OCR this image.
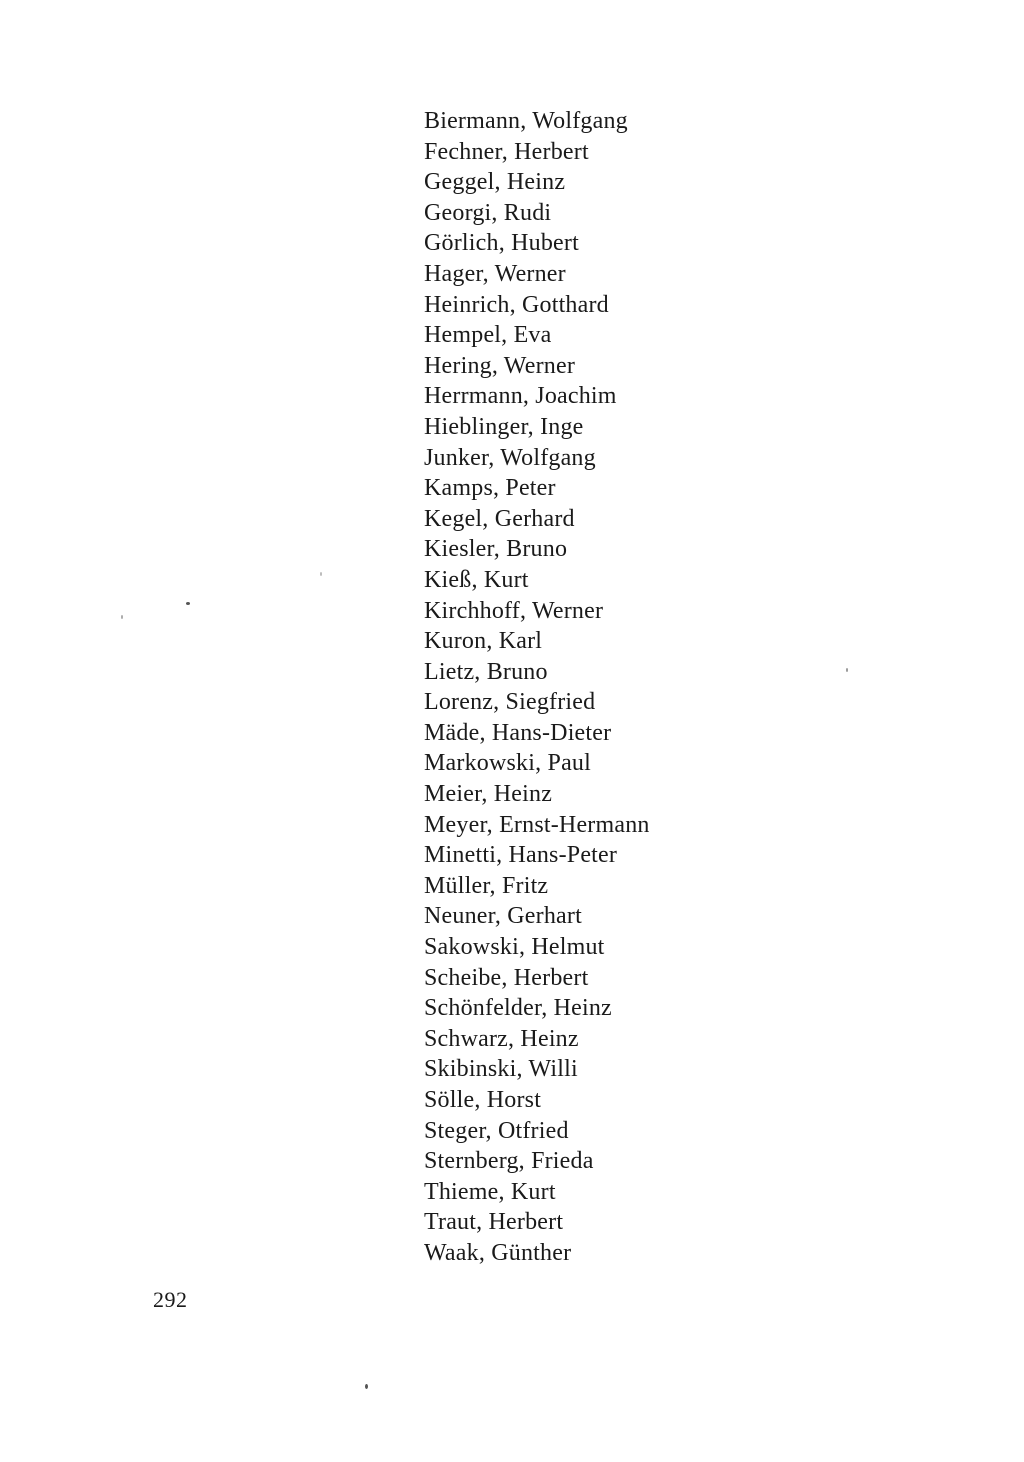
Biermann, Wolfgang
Fechner, Herbert
Geggel, Heinz
Georgi, Rudi
Görlich, Hubert
Hager, Werner
Heinrich, Gotthard
Hempel, Eva
Hering, Werner
Herrmann, Joachim
Hieblinger, Inge
Junker, Wolfgang
Kamps, Peter
Kegel, Gerhard
Kiesler, Bruno
Kieß, Kurt
Kirchhoff, Werner
Kuron, Karl
Lietz, Bruno
Lorenz, Siegfried
Mäde, Hans-Dieter
Markowski, Paul
Meier, Heinz
Meyer, Ernst-Hermann
Minetti, Hans-Peter
Müller, Fritz
Neuner, Gerhart
Sakowski, Helmut
Scheibe, Herbert
Schönfelder, Heinz
Schwarz, Heinz
Skibinski, Willi
Sölle, Horst
Steger, Otfried
Sternberg, Frieda
Thieme, Kurt
Traut, Herbert
Waak, Günther
292
